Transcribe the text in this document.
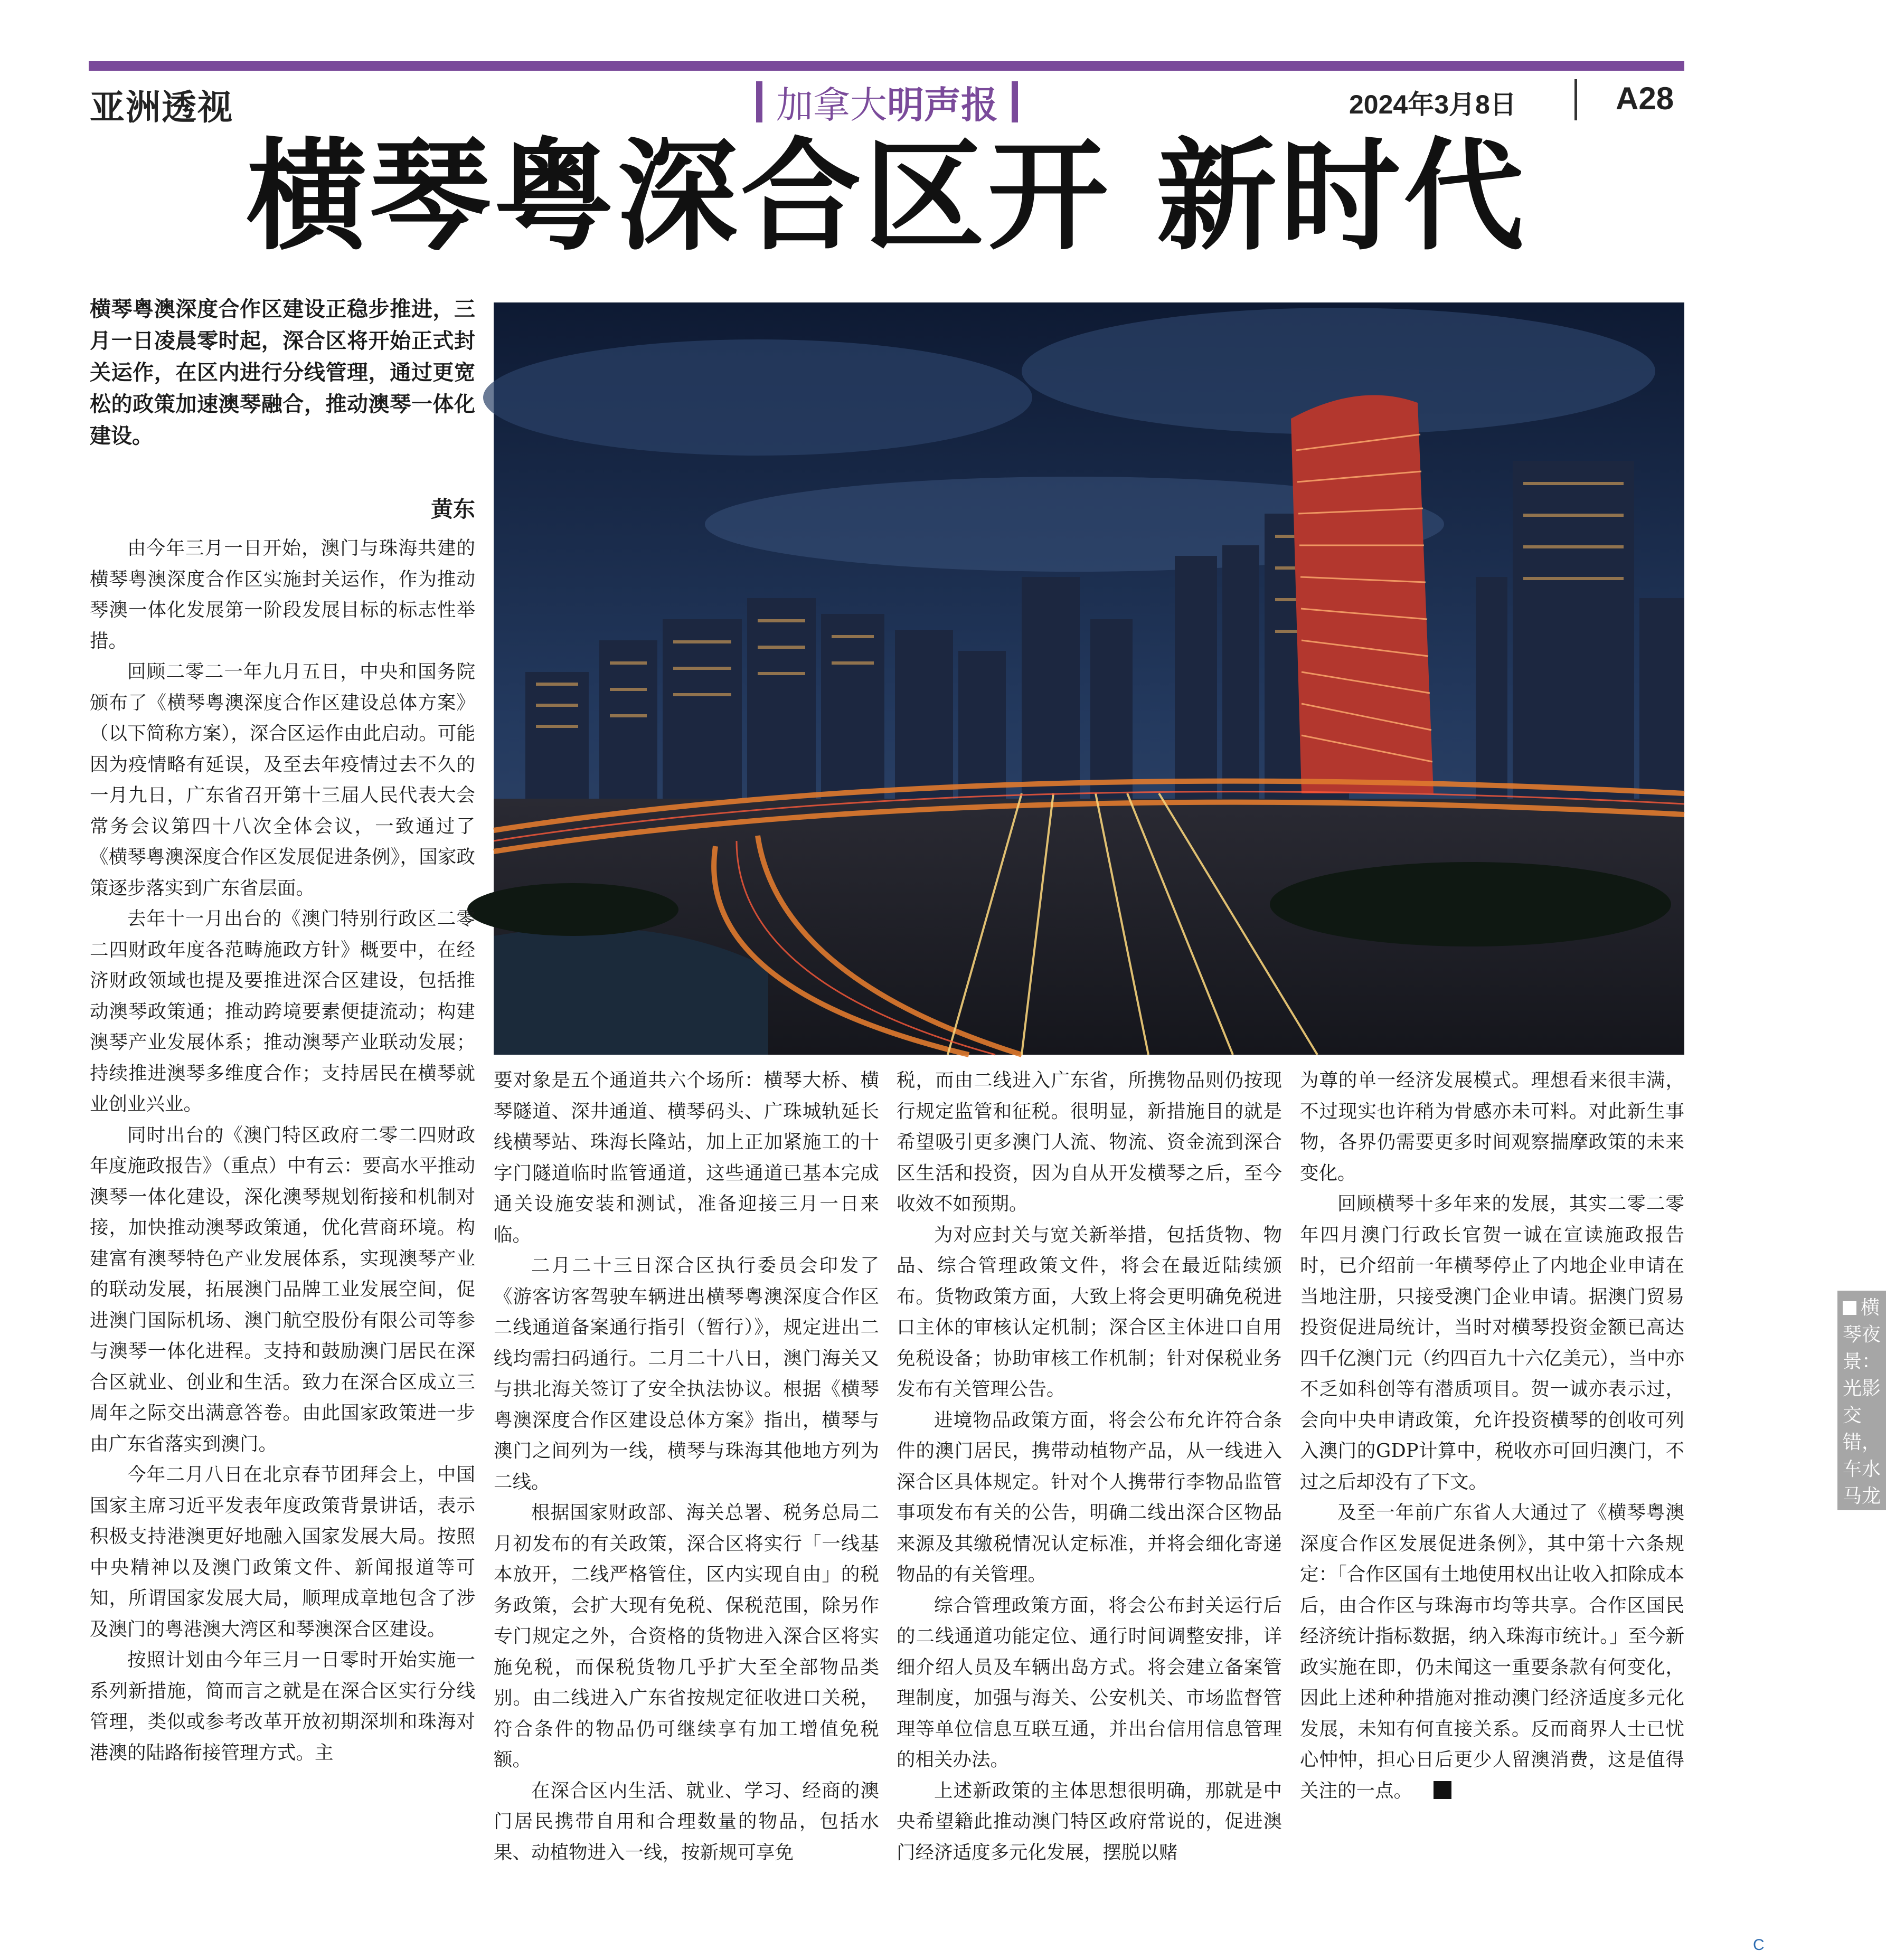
亚洲透视	加拿大明声报	2024年3月8日	A28
横琴粤深合区开 新时代
横琴粤澳深度合作区建设正稳步推进，三月一日凌晨零时起，深合区将开始正式封关运作，在区内进行分线管理，通过更宽松的政策加速澳琴融合，推动澳琴一体化建设。
黄东
横琴夜景：光影交错，车水马龙

由今年三月一日开始，澳门与珠海共建的横琴粤澳深度合作区实施封关运作，作为推动琴澳一体化发展第一阶段发展目标的标志性举措。

回顾二零二一年九月五日，中央和国务院颁布了《横琴粤澳深度合作区建设总体方案》（以下简称方案），深合区运作由此启动。可能因为疫情略有延误，及至去年疫情过去不久的一月九日，广东省召开第十三届人民代表大会常务会议第四十八次全体会议，一致通过了《横琴粤澳深度合作区发展促进条例》，国家政策逐步落实到广东省层面。

去年十一月出台的《澳门特别行政区二零二四财政年度各范畴施政方针》概要中，在经济财政领域也提及要推进深合区建设，包括推动澳琴政策通；推动跨境要素便捷流动；构建澳琴产业发展体系；推动澳琴产业联动发展；持续推进澳琴多维度合作；支持居民在横琴就业创业兴业。

同时出台的《澳门特区政府二零二四财政年度施政报告》（重点）中有云：要高水平推动澳琴一体化建设，深化澳琴规划衔接和机制对接，加快推动澳琴政策通，优化营商环境。构建富有澳琴特色产业发展体系，实现澳琴产业的联动发展，拓展澳门品牌工业发展空间，促进澳门国际机场、澳门航空股份有限公司等参与澳琴一体化进程。支持和鼓励澳门居民在深合区就业、创业和生活。致力在深合区成立三周年之际交出满意答卷。由此国家政策进一步由广东省落实到澳门。

今年二月八日在北京春节团拜会上，中国国家主席习近平发表年度政策背景讲话，表示积极支持港澳更好地融入国家发展大局。按照中央精神以及澳门政策文件、新闻报道等可知，所谓国家发展大局，顺理成章地包含了涉及澳门的粤港澳大湾区和琴澳深合区建设。

按照计划由今年三月一日零时开始实施一系列新措施，简而言之就是在深合区实行分线管理，类似或参考改革开放初期深圳和珠海对港澳的陆路衔接管理方式。主

要对象是五个通道共六个场所：横琴大桥、横琴隧道、深井通道、横琴码头、广珠城轨延长线横琴站、珠海长隆站，加上正加紧施工的十字门隧道临时监管通道，这些通道已基本完成通关设施安装和测试，准备迎接三月一日来临。

二月二十三日深合区执行委员会印发了《游客访客驾驶车辆进出横琴粤澳深度合作区二线通道备案通行指引（暂行）》，规定进出二线均需扫码通行。二月二十八日，澳门海关又与拱北海关签订了安全执法协议。根据《横琴粤澳深度合作区建设总体方案》指出，横琴与澳门之间列为一线，横琴与珠海其他地方列为二线。

根据国家财政部、海关总署、税务总局二月初发布的有关政策，深合区将实行「一线基本放开，二线严格管住，区内实现自由」的税务政策，会扩大现有免税、保税范围，除另作专门规定之外，合资格的货物进入深合区将实施免税，而保税货物几乎扩大至全部物品类别。由二线进入广东省按规定征收进口关税，符合条件的物品仍可继续享有加工增值免税额。

在深合区内生活、就业、学习、经商的澳门居民携带自用和合理数量的物品，包括水果、动植物进入一线，按新规可享免

税，而由二线进入广东省，所携物品则仍按现行规定监管和征税。很明显，新措施目的就是希望吸引更多澳门人流、物流、资金流到深合区生活和投资，因为自从开发横琴之后，至今收效不如预期。

为对应封关与宽关新举措，包括货物、物品、综合管理政策文件，将会在最近陆续颁布。货物政策方面，大致上将会更明确免税进口主体的审核认定机制；深合区主体进口自用免税设备；协助审核工作机制；针对保税业务发布有关管理公告。

进境物品政策方面，将会公布允许符合条件的澳门居民，携带动植物产品，从一线进入深合区具体规定。针对个人携带行李物品监管事项发布有关的公告，明确二线出深合区物品来源及其缴税情况认定标准，并将会细化寄递物品的有关管理。

综合管理政策方面，将会公布封关运行后的二线通道功能定位、通行时间调整安排，详细介绍人员及车辆出岛方式。将会建立备案管理制度，加强与海关、公安机关、市场监督管理等单位信息互联互通，并出台信用信息管理的相关办法。

上述新政策的主体思想很明确，那就是中央希望籍此推动澳门特区政府常说的，促进澳门经济适度多元化发展，摆脱以赌

为尊的单一经济发展模式。理想看来很丰满，不过现实也许稍为骨感亦未可料。对此新生事物，各界仍需要更多时间观察揣摩政策的未来变化。

回顾横琴十多年来的发展，其实二零二零年四月澳门行政长官贺一诚在宣读施政报告时，已介绍前一年横琴停止了内地企业申请在当地注册，只接受澳门企业申请。据澳门贸易投资促进局统计，当时对横琴投资金额已高达四千亿澳门元（约四百九十六亿美元），当中亦不乏如科创等有潜质项目。贺一诚亦表示过，会向中央申请政策，允许投资横琴的创收可列入澳门的GDP计算中，税收亦可回归澳门，不过之后却没有了下文。

及至一年前广东省人大通过了《横琴粤澳深度合作区发展促进条例》，其中第十六条规定：「合作区国有土地使用权出让收入扣除成本后，由合作区与珠海市均等共享。合作区国民经济统计指标数据，纳入珠海市统计。」至今新政实施在即，仍未闻这一重要条款有何变化，因此上述种种措施对推动澳门经济适度多元化发展，未知有何直接关系。反而商界人士已忧心忡忡，担心日后更少人留澳消费，这是值得关注的一点。

C
